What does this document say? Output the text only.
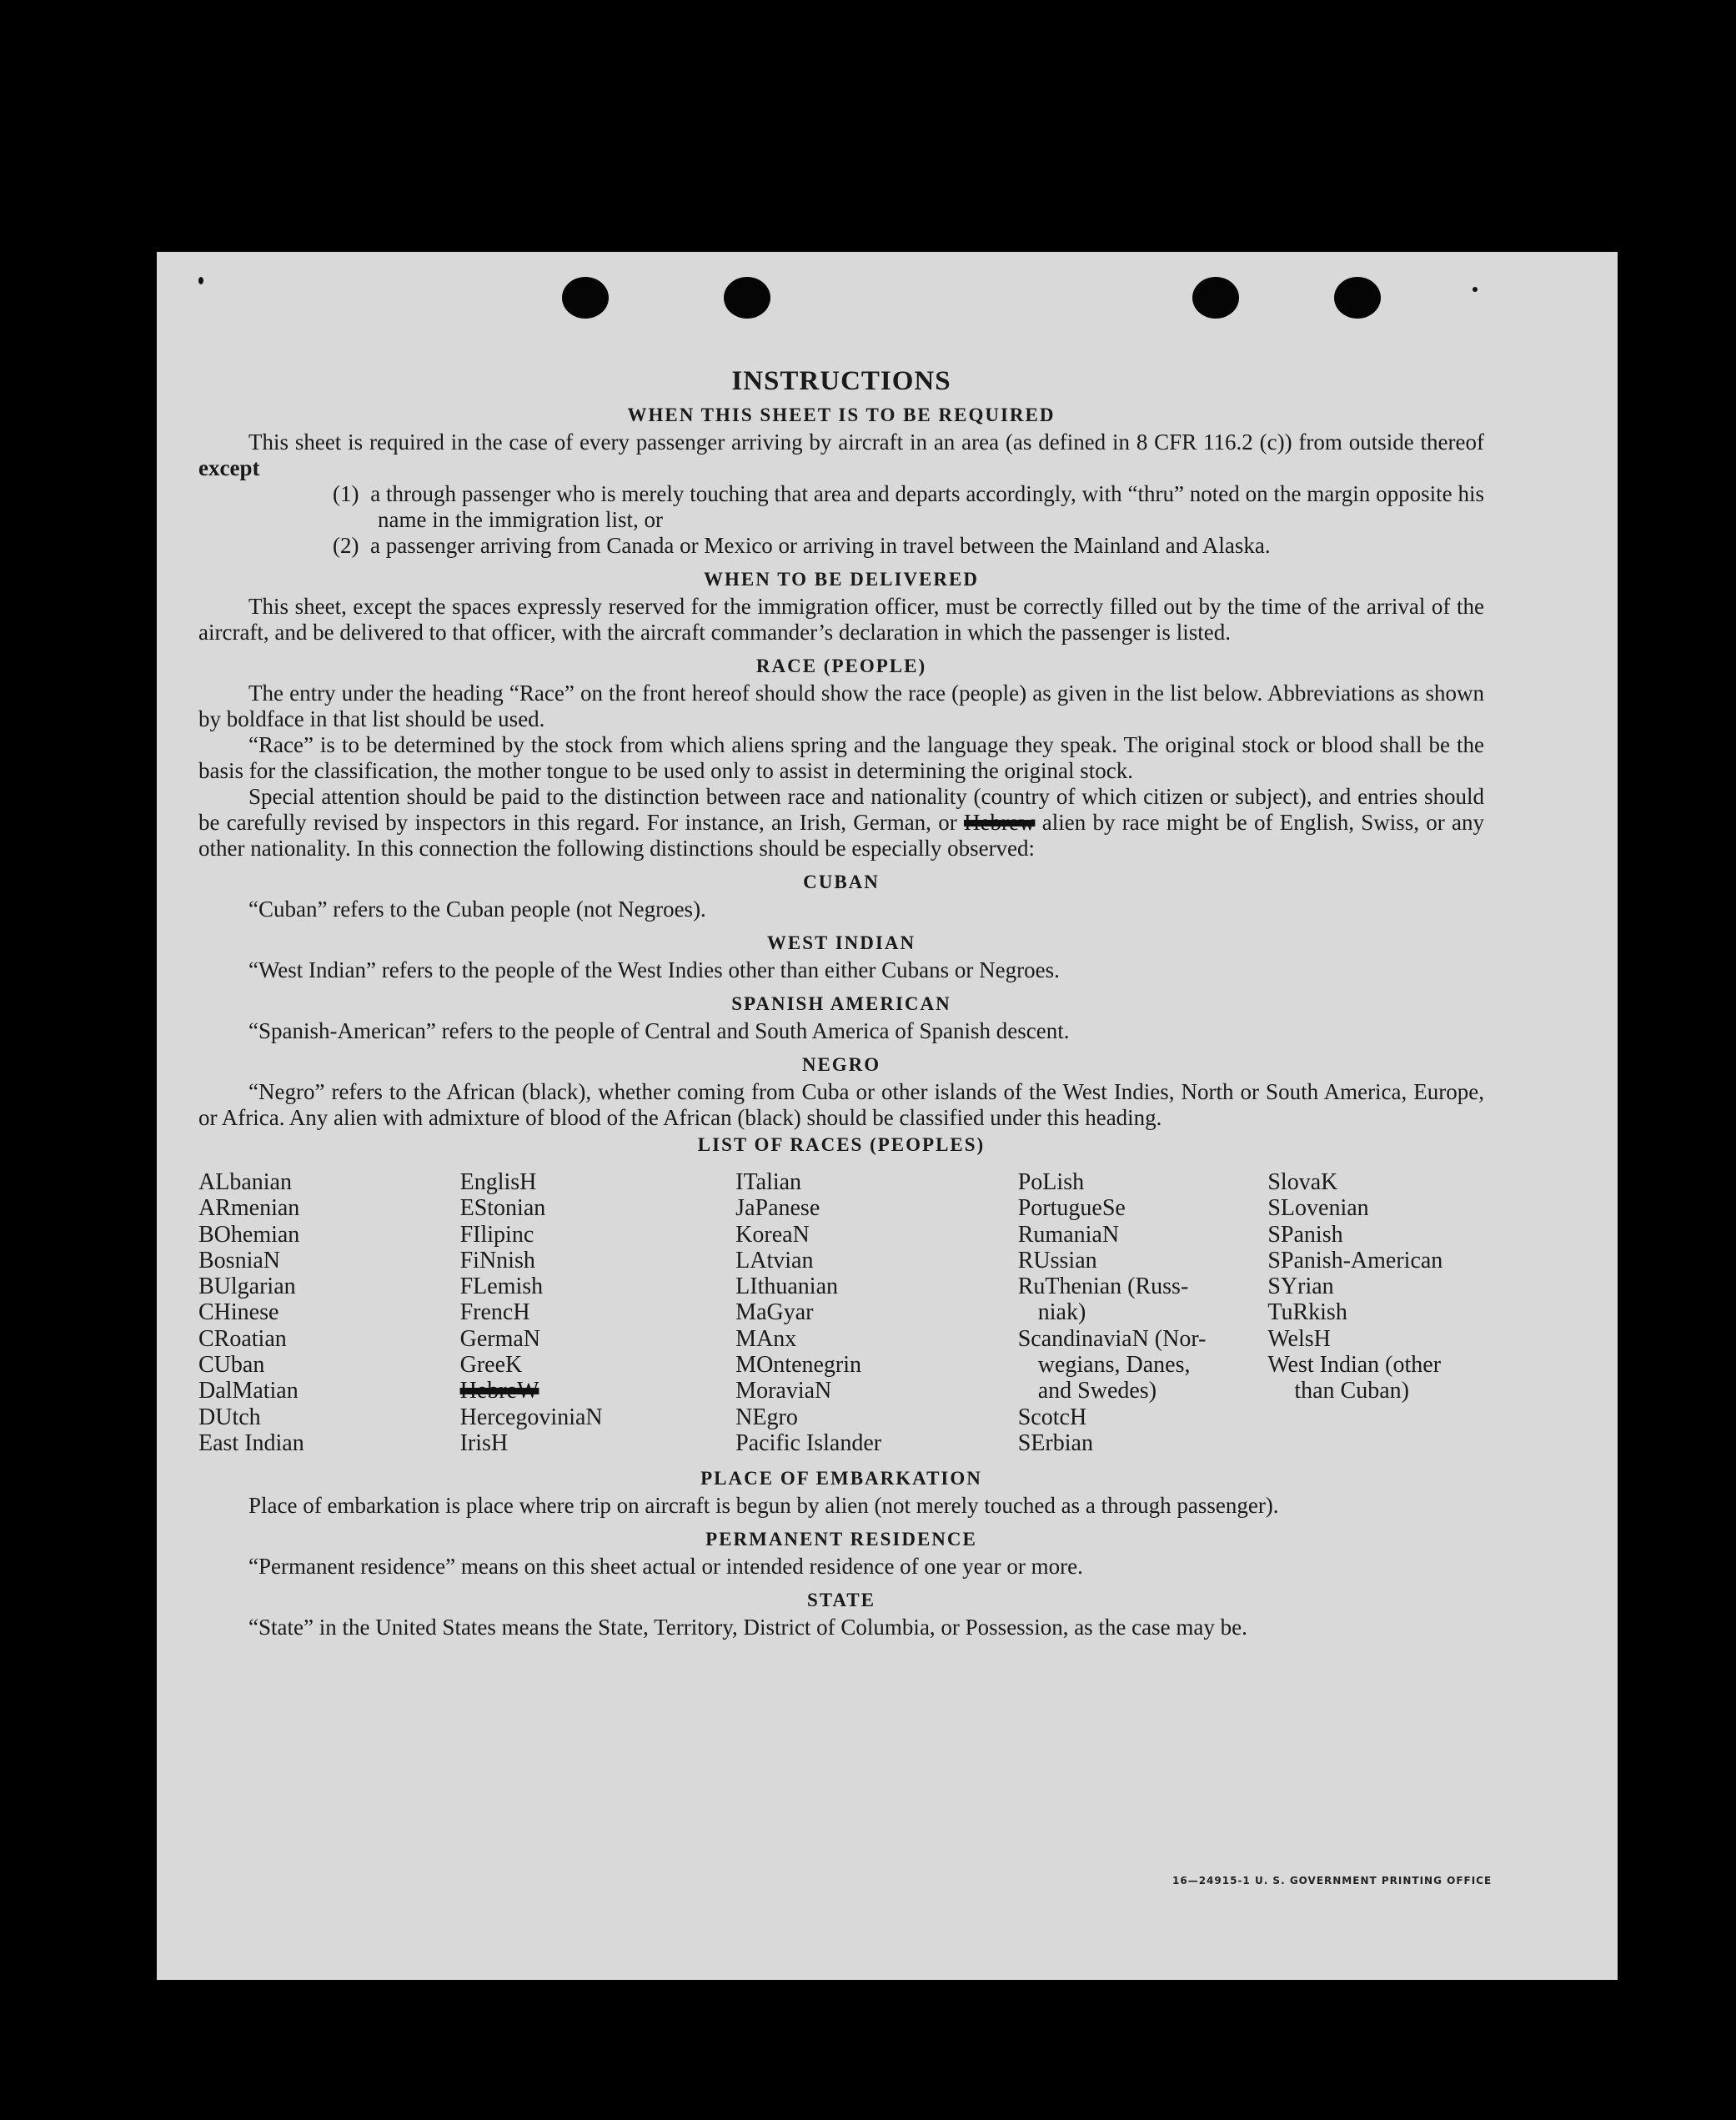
INSTRUCTIONS
WHEN THIS SHEET IS TO BE REQUIRED

This sheet is required in the case of every passenger arriving by aircraft in an area (as defined in 8 CFR 116.2 (c)) from outside thereof except

(1) a through passenger who is merely touching that area and departs accordingly, with “thru” noted on the margin opposite his name in the immigration list, or

(2) a passenger arriving from Canada or Mexico or arriving in travel between the Mainland and Alaska.

WHEN TO BE DELIVERED

This sheet, except the spaces expressly reserved for the immigration officer, must be correctly filled out by the time of the arrival of the aircraft, and be delivered to that officer, with the aircraft commander’s declaration in which the passenger is listed.

RACE (PEOPLE)

The entry under the heading “Race” on the front hereof should show the race (people) as given in the list below. Abbreviations as shown by boldface in that list should be used.

“Race” is to be determined by the stock from which aliens spring and the language they speak. The original stock or blood shall be the basis for the classification, the mother tongue to be used only to assist in determining the original stock.

Special attention should be paid to the distinction between race and nationality (country of which citizen or subject), and entries should be carefully revised by inspectors in this regard. For instance, an Irish, German, or Hebrew alien by race might be of English, Swiss, or any other nationality. In this connection the following distinctions should be especially observed:

CUBAN

“Cuban” refers to the Cuban people (not Negroes).

WEST INDIAN

“West Indian” refers to the people of the West Indies other than either Cubans or Negroes.

SPANISH AMERICAN

“Spanish-American” refers to the people of Central and South America of Spanish descent.

NEGRO

“Negro” refers to the African (black), whether coming from Cuba or other islands of the West Indies, North or South America, Europe, or Africa. Any alien with admixture of blood of the African (black) should be classified under this heading.

LIST OF RACES (PEOPLES)
ALbanian
ARmenian
BOhemian
BosniaN
BUlgarian
CHinese
CRoatian
CUban
DalMatian
DUtch
East Indian
EnglisH
EStonian
FIlipinc
FiNnish
FLemish
FrencH
GermaN
GreeK
HebreW
HercegoviniaN
IrisH
ITalian
JaPanese
KoreaN
LAtvian
LIthuanian
MaGyar
MAnx
MOntenegrin
MoraviaN
NEgro
Pacific Islander
PoLish
PortugueSe
RumaniaN
RUssian
RuThenian (Russ-
niak)
ScandinaviaN (Nor-
wegians, Danes,
and Swedes)
ScotcH
SErbian
SlovaK
SLovenian
SPanish
SPanish-American
SYrian
TuRkish
WelsH
West Indian (other
than Cuban)
PLACE OF EMBARKATION

Place of embarkation is place where trip on aircraft is begun by alien (not merely touched as a through passenger).

PERMANENT RESIDENCE

“Permanent residence” means on this sheet actual or intended residence of one year or more.

STATE

“State” in the United States means the State, Territory, District of Columbia, or Possession, as the case may be.

16—24915-1 U. S. GOVERNMENT PRINTING OFFICE
